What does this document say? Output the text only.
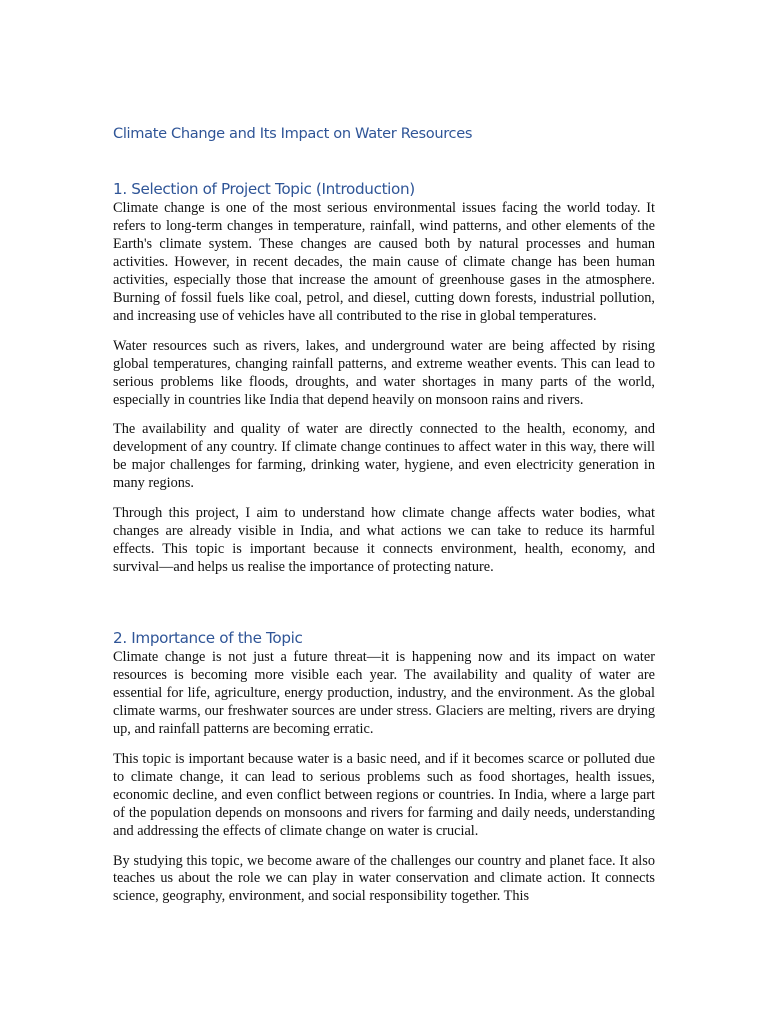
Climate Change and Its Impact on Water Resources
1. Selection of Project Topic (Introduction)

Climate change is one of the most serious environmental issues facing the world today. It refers to long-term changes in temperature, rainfall, wind patterns, and other elements of the Earth's climate system. These changes are caused both by natural processes and human activities. However, in recent decades, the main cause of climate change has been human activities, especially those that increase the amount of greenhouse gases in the atmosphere. Burning of fossil fuels like coal, petrol, and diesel, cutting down forests, industrial pollution, and increasing use of vehicles have all contributed to the rise in global temperatures.

Water resources such as rivers, lakes, and underground water are being affected by rising global temperatures, changing rainfall patterns, and extreme weather events. This can lead to serious problems like floods, droughts, and water shortages in many parts of the world, especially in countries like India that depend heavily on monsoon rains and rivers.

The availability and quality of water are directly connected to the health, economy, and development of any country. If climate change continues to affect water in this way, there will be major challenges for farming, drinking water, hygiene, and even electricity generation in many regions.

Through this project, I aim to understand how climate change affects water bodies, what changes are already visible in India, and what actions we can take to reduce its harmful effects. This topic is important because it connects environment, health, economy, and survival—and helps us realise the importance of protecting nature.

2. Importance of the Topic

Climate change is not just a future threat—it is happening now and its impact on water resources is becoming more visible each year. The availability and quality of water are essential for life, agriculture, energy production, industry, and the environment. As the global climate warms, our freshwater sources are under stress. Glaciers are melting, rivers are drying up, and rainfall patterns are becoming erratic.

This topic is important because water is a basic need, and if it becomes scarce or polluted due to climate change, it can lead to serious problems such as food shortages, health issues, economic decline, and even conflict between regions or countries. In India, where a large part of the population depends on monsoons and rivers for farming and daily needs, understanding and addressing the effects of climate change on water is crucial.

By studying this topic, we become aware of the challenges our country and planet face. It also teaches us about the role we can play in water conservation and climate action. It connects science, geography, environment, and social responsibility together. This
